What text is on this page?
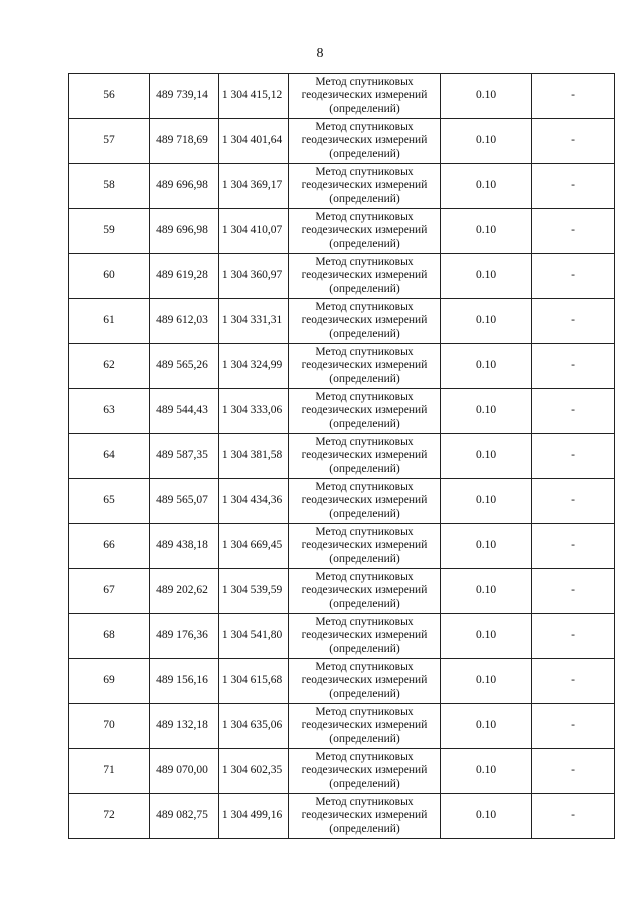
8
56	489 739,14	1 304 415,12	Метод спутниковых
геодезических измерений
(определений)	0.10	-
57	489 718,69	1 304 401,64	Метод спутниковых
геодезических измерений
(определений)	0.10	-
58	489 696,98	1 304 369,17	Метод спутниковых
геодезических измерений
(определений)	0.10	-
59	489 696,98	1 304 410,07	Метод спутниковых
геодезических измерений
(определений)	0.10	-
60	489 619,28	1 304 360,97	Метод спутниковых
геодезических измерений
(определений)	0.10	-
61	489 612,03	1 304 331,31	Метод спутниковых
геодезических измерений
(определений)	0.10	-
62	489 565,26	1 304 324,99	Метод спутниковых
геодезических измерений
(определений)	0.10	-
63	489 544,43	1 304 333,06	Метод спутниковых
геодезических измерений
(определений)	0.10	-
64	489 587,35	1 304 381,58	Метод спутниковых
геодезических измерений
(определений)	0.10	-
65	489 565,07	1 304 434,36	Метод спутниковых
геодезических измерений
(определений)	0.10	-
66	489 438,18	1 304 669,45	Метод спутниковых
геодезических измерений
(определений)	0.10	-
67	489 202,62	1 304 539,59	Метод спутниковых
геодезических измерений
(определений)	0.10	-
68	489 176,36	1 304 541,80	Метод спутниковых
геодезических измерений
(определений)	0.10	-
69	489 156,16	1 304 615,68	Метод спутниковых
геодезических измерений
(определений)	0.10	-
70	489 132,18	1 304 635,06	Метод спутниковых
геодезических измерений
(определений)	0.10	-
71	489 070,00	1 304 602,35	Метод спутниковых
геодезических измерений
(определений)	0.10	-
72	489 082,75	1 304 499,16	Метод спутниковых
геодезических измерений
(определений)	0.10	-
